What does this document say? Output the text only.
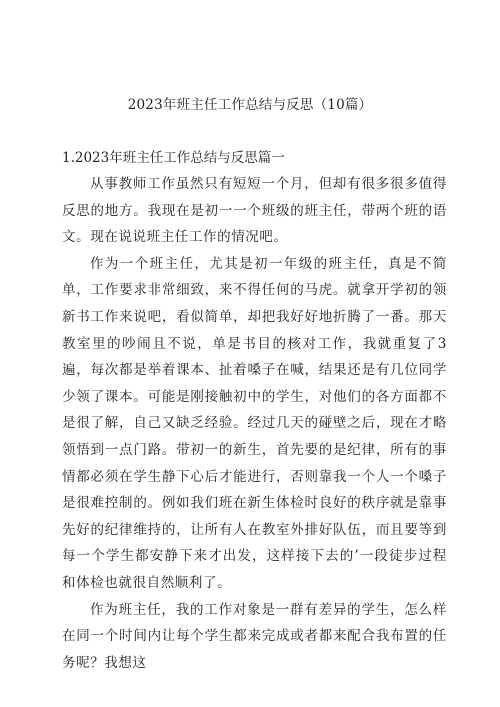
2023年班主任工作总结与反思（10篇）
1.2023年班主任工作总结与反思篇一

从事教师工作虽然只有短短一个月，但却有很多很多值得反思的地方。我现在是初一一个班级的班主任，带两个班的语文。现在说说班主任工作的情况吧。

作为一个班主任，尤其是初一年级的班主任，真是不简单，工作要求非常细致，来不得任何的马虎。就拿开学初的领新书工作来说吧，看似简单，却把我好好地折腾了一番。那天教室里的吵闹且不说，单是书目的核对工作，我就重复了3遍，每次都是举着课本、扯着嗓子在喊，结果还是有几位同学少领了课本。可能是刚接触初中的学生，对他们的各方面都不是很了解，自己又缺乏经验。经过几天的碰壁之后，现在才略领悟到一点门路。带初一的新生，首先要的是纪律，所有的事情都必须在学生静下心后才能进行，否则靠我一个人一个嗓子是很难控制的。例如我们班在新生体检时良好的秩序就是靠事先好的纪律维持的，让所有人在教室外排好队伍，而且要等到每一个学生都安静下来才出发，这样接下去的’一段徒步过程和体检也就很自然顺利了。

作为班主任，我的工作对象是一群有差异的学生，怎么样在同一个时间内让每个学生都来完成或者都来配合我布置的任务呢？我想这
